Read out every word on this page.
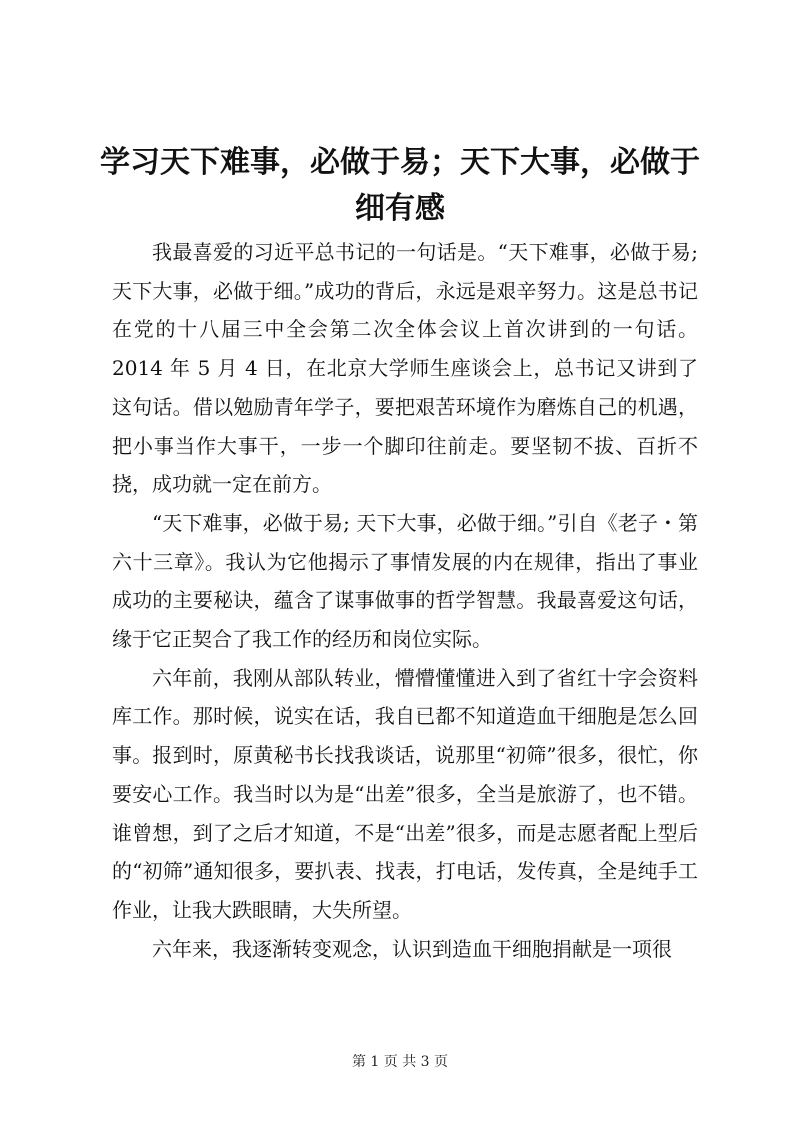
学习天下难事，必做于易；天下大事，必做于
细有感

我最喜爱的习近平总书记的一句话是。“天下难事，必做于易; 天下大事，必做于细。”成功的背后，永远是艰辛努力。这是总书记在党的十八届三中全会第二次全体会议上首次讲到的一句话。2014 年 5 月 4 日，在北京大学师生座谈会上，总书记又讲到了这句话。借以勉励青年学子，要把艰苦环境作为磨炼自己的机遇，把小事当作大事干，一步一个脚印往前走。要坚韧不拔、百折不挠，成功就一定在前方。

“天下难事，必做于易; 天下大事，必做于细。”引自《老子・第六十三章》。我认为它他揭示了事情发展的内在规律，指出了事业成功的主要秘诀，蕴含了谋事做事的哲学智慧。我最喜爱这句话，缘于它正契合了我工作的经历和岗位实际。

六年前，我刚从部队转业，懵懵懂懂进入到了省红十字会资料库工作。那时候，说实在话，我自已都不知道造血干细胞是怎么回事。报到时，原黄秘书长找我谈话，说那里“初筛”很多，很忙，你要安心工作。我当时以为是“出差”很多，全当是旅游了，也不错。谁曾想，到了之后才知道，不是“出差”很多，而是志愿者配上型后的“初筛”通知很多，要扒表、找表，打电话，发传真，全是纯手工作业，让我大跌眼睛，大失所望。

六年来，我逐渐转变观念，认识到造血干细胞捐献是一项很

第 1 页 共 3 页
